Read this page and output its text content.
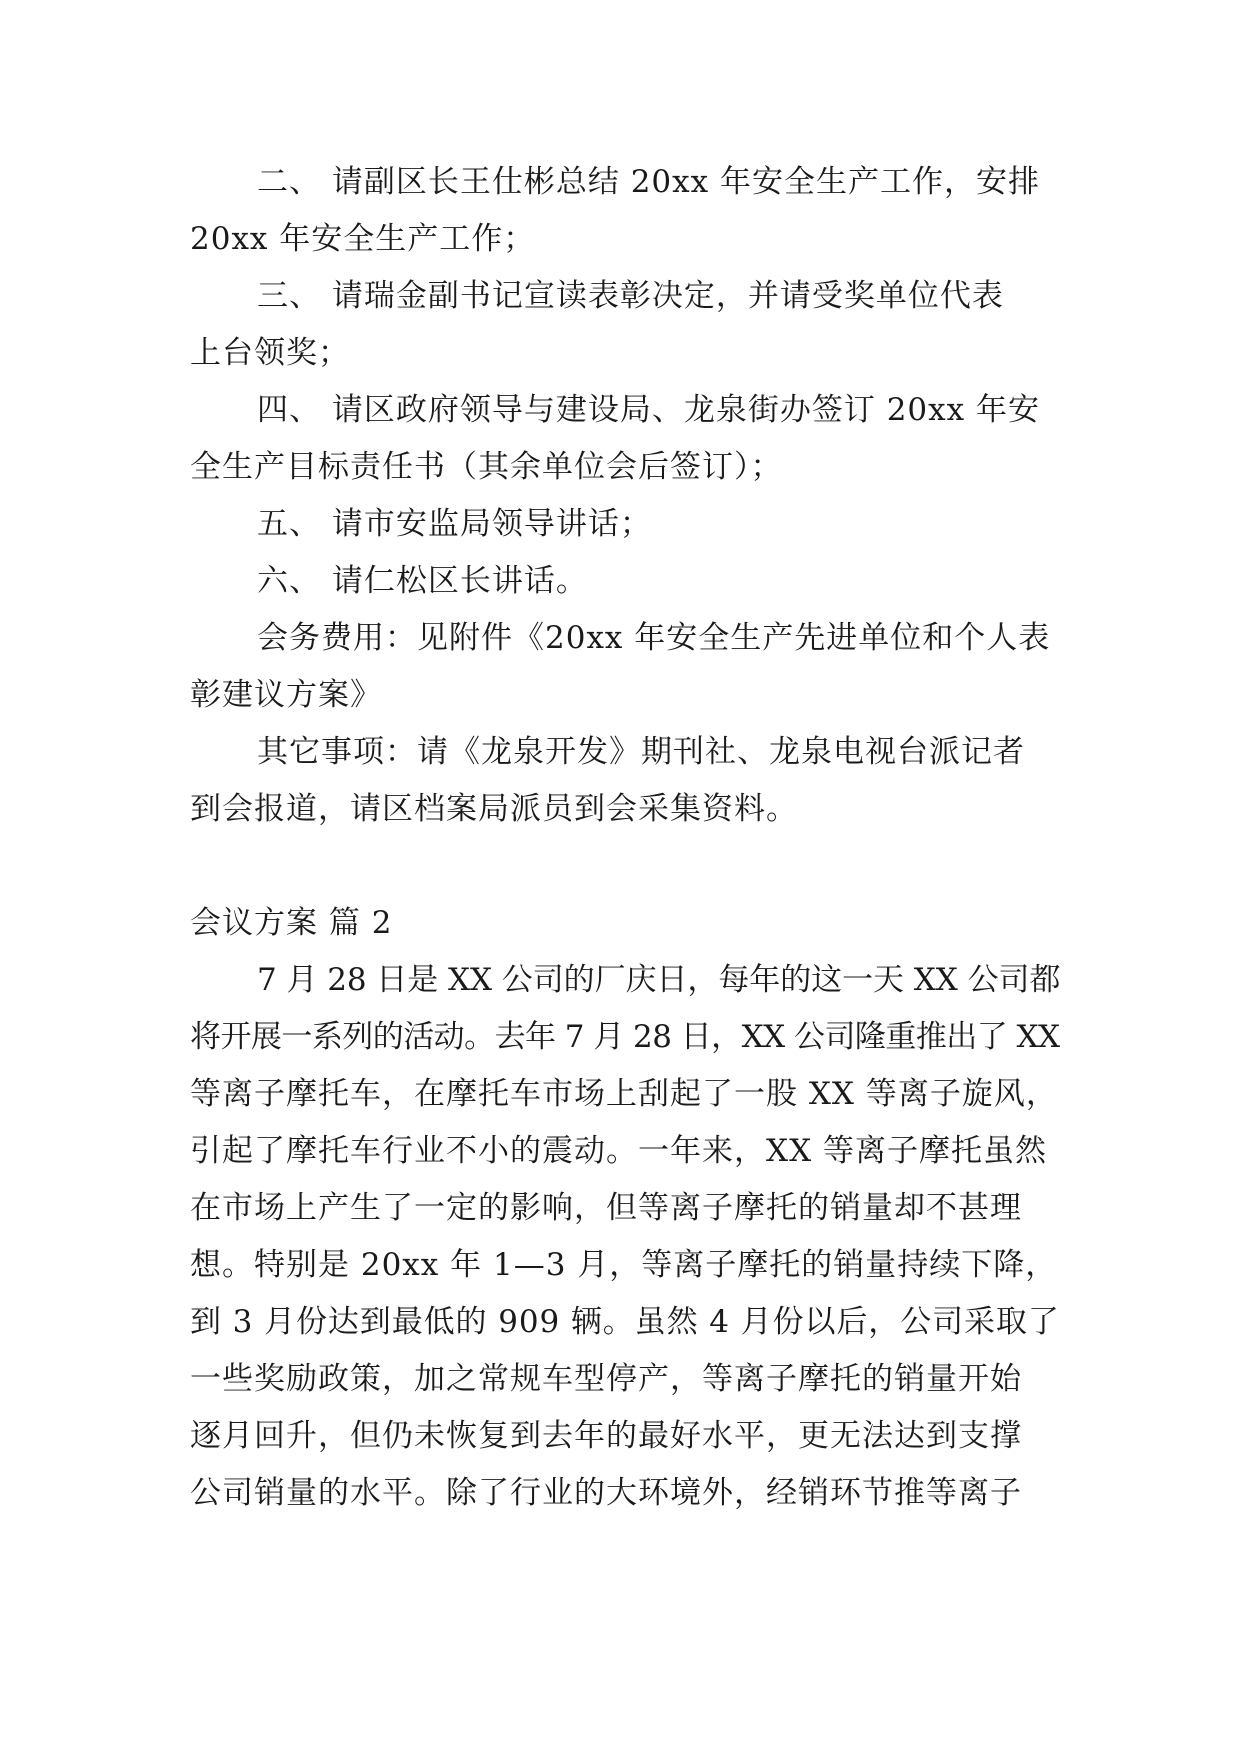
二、 请副区长王仕彬总结 20xx 年安全生产工作，安排
20xx 年安全生产工作；
三、 请瑞金副书记宣读表彰决定，并请受奖单位代表
上台领奖；
四、 请区政府领导与建设局、龙泉街办签订 20xx 年安
全生产目标责任书（其余单位会后签订）；
五、 请市安监局领导讲话；
六、 请仁松区长讲话。
会务费用：见附件《20xx 年安全生产先进单位和个人表
彰建议方案》
其它事项：请《龙泉开发》期刊社、龙泉电视台派记者
到会报道，请区档案局派员到会采集资料。
会议方案 篇 2
7 月 28 日是 XX 公司的厂庆日，每年的这一天 XX 公司都
将开展一系列的活动。去年 7 月 28 日，XX 公司隆重推出了 XX
等离子摩托车，在摩托车市场上刮起了一股 XX 等离子旋风，
引起了摩托车行业不小的震动。一年来，XX 等离子摩托虽然
在市场上产生了一定的影响，但等离子摩托的销量却不甚理
想。特别是 20xx 年 1—3 月，等离子摩托的销量持续下降，
到 3 月份达到最低的 909 辆。虽然 4 月份以后，公司采取了
一些奖励政策，加之常规车型停产，等离子摩托的销量开始
逐月回升，但仍未恢复到去年的最好水平，更无法达到支撑
公司销量的水平。除了行业的大环境外，经销环节推等离子
